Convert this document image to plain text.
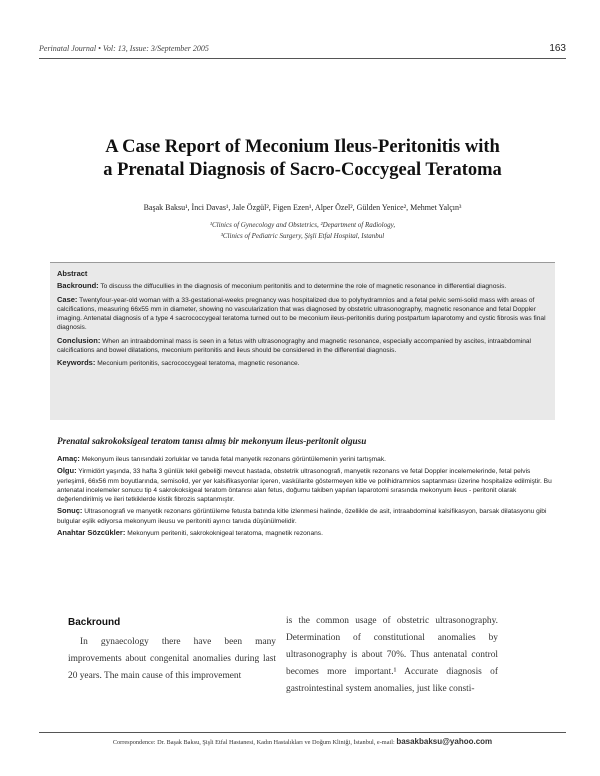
Perinatal Journal • Vol: 13, Issue: 3/September 2005	163
A Case Report of Meconium Ileus-Peritonitis with
a Prenatal Diagnosis of Sacro-Coccygeal Teratoma
Başak Baksu¹, İnci Davas¹, Jale Özgül², Figen Ezen¹, Alper Özel², Gülden Yenice², Mehmet Yalçın³
¹Clinics of Gynecology and Obstetrics, ²Department of Radiology,
³Clinics of Pediatric Surgery, Şişli Etfal Hospital, Istanbul

Abstract

Backround: To discuss the diffucullies in the diagnosis of meconium peritonitis and to determine the role of magnetic resonance in differential diagnosis.

Case: Twentyfour-year-old woman with a 33-gestational-weeks pregnancy was hospitalized due to polyhydramnios and a fetal pelvic semi-solid mass with areas of calcifications, measuring 66x55 mm in diameter, showing no vascularization that was diagnosed by obstetric ultrasonography, magnetic resonance and fetal Doppler imaging. Antenatal diagnosis of a type 4 sacrococcygeal teratoma turned out to be meconium ileus-peritonitis during postpartum laparotomy and cystic fibrosis was final diagnosis.

Conclusion: When an intraabdominal mass is seen in a fetus with ultrasonograghy and magnetic resonance, especially accompanied by ascites, intraabdominal calcifications and bowel dilatations, meconium peritonitis and ileus should be considered in the differential diagnosis.

Keywords: Meconium peritonitis, sacrococcygeal teratoma, magnetic resonance.

Prenatal sakrokoksigeal teratom tanısı almış bir mekonyum ileus-peritonit olgusu

Amaç: Mekonyum ileus tanısındaki zorluklar ve tanıda fetal manyetik rezonans görüntülemenin yerini tartışmak.

Olgu: Yirmidört yaşında, 33 hafta 3 günlük tekil gebeliği mevcut hastada, obstetrik ultrasonografi, manyetik rezonans ve fetal Doppler incelemelerinde, fetal pelvis yerleşimli, 66x56 mm boyutlarında, semisolid, yer yer kalsifikasyonlar içeren, vaskülarite göstermeyen kitle ve polihidramnios saptanması üzerine hospitalize edilmiştir. Bu antenatal incelemeler sonucu tip 4 sakrokoksigeal teratom öntanısı alan fetus, doğumu takiben yapılan laparotomi sırasında mekonyum ileus - peritonit olarak değerlendirilmiş ve ileri tetkiklerde kistik fibrozis saptanmıştır.

Sonuç: Ultrasonografi ve manyetik rezonans görüntüleme fetusta batında kitle izlenmesi halinde, özellikle de asit, intraabdominal kalsifikasyon, barsak dilatasyonu gibi bulgular eşlik ediyorsa mekonyum ileusu ve peritoniti ayırıcı tanıda düşünülmelidir.

Anahtar Sözcükler: Mekonyum periteniti, sakrokoknigeal teratoma, magnetik rezonans.

Backround

In gynaecology there have been many improvements about congenital anomalies during last 20 years. The main cause of this improvement

is the common usage of obstetric ultrasonography. Determination of constitutional anomalies by ultrasonography is about 70%. Thus antenatal control becomes more important.¹ Accurate diagnosis of gastrointestinal system anomalies, just like consti-

Correspondence: Dr. Başak Baksu, Şişli Etfal Hastanesi, Kadın Hastalıkları ve Doğum Kliniği, İstanbul, e-mail: basakbaksu@yahoo.com
